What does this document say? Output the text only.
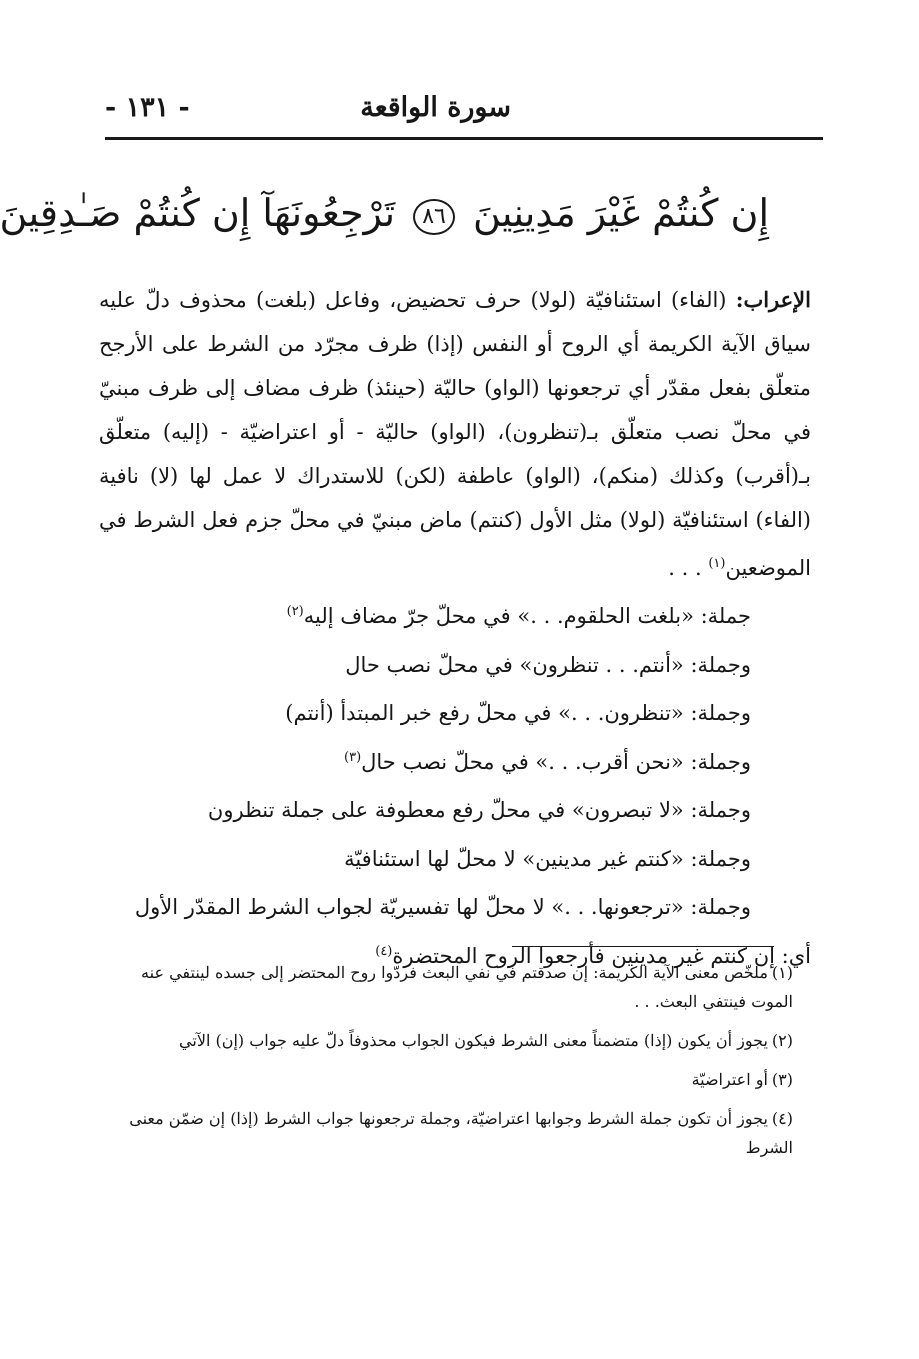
سورة الواقعة
- ١٣١ -
إِن كُنتُمْ غَيْرَ مَدِينِينَ ٨٦ تَرْجِعُونَهَآ إِن كُنتُمْ صَـٰدِقِينَ
الإعراب: (الفاء) استئنافيّة (لولا) حرف تحضيض، وفاعل (بلغت) محذوف دلّ عليه سياق الآية الكريمة أي الروح أو النفس (إذا) ظرف مجرّد من الشرط على الأرجح متعلّق بفعل مقدّر أي ترجعونها (الواو) حاليّة (حينئذ) ظرف مضاف إلى ظرف مبنيّ في محلّ نصب متعلّق بـ(تنظرون)، (الواو) حاليّة - أو اعتراضيّة - (إليه) متعلّق بـ(أقرب) وكذلك (منكم)، (الواو) عاطفة (لكن) للاستدراك لا عمل لها (لا) نافية (الفاء) استئنافيّة (لولا) مثل الأول (كنتم) ماض مبنيّ في محلّ جزم فعل الشرط في الموضعين$^{(١)}$ . . .
جملة: «بلغت الحلقوم. . .» في محلّ جرّ مضاف إليه$^{(٢)}$
وجملة: «أنتم. . . تنظرون» في محلّ نصب حال
وجملة: «تنظرون. . .» في محلّ رفع خبر المبتدأ (أنتم)
وجملة: «نحن أقرب. . .» في محلّ نصب حال$^{(٣)}$
وجملة: «لا تبصرون» في محلّ رفع معطوفة على جملة تنظرون
وجملة: «كنتم غير مدينين» لا محلّ لها استئنافيّة
وجملة: «ترجعونها. . .» لا محلّ لها تفسيريّة لجواب الشرط المقدّر الأول
أي: إن كنتم غير مدينين فأرجعوا الروح المحتضرة$^{(٤)}$
(١)ملخّص معنى الآية الكريمة: إن صدقتم في نفي البعث فردّوا روح المحتضر إلى جسده لينتفي عنه الموت فينتفي البعث. . .
(٢)يجوز أن يكون (إذا) متضمناً معنى الشرط فيكون الجواب محذوفاً دلّ عليه جواب (إن) الآتي
(٣)أو اعتراضيّة
(٤)يجوز أن تكون جملة الشرط وجوابها اعتراضيّة، وجملة ترجعونها جواب الشرط (إذا) إن ضمّن معنى الشرط
